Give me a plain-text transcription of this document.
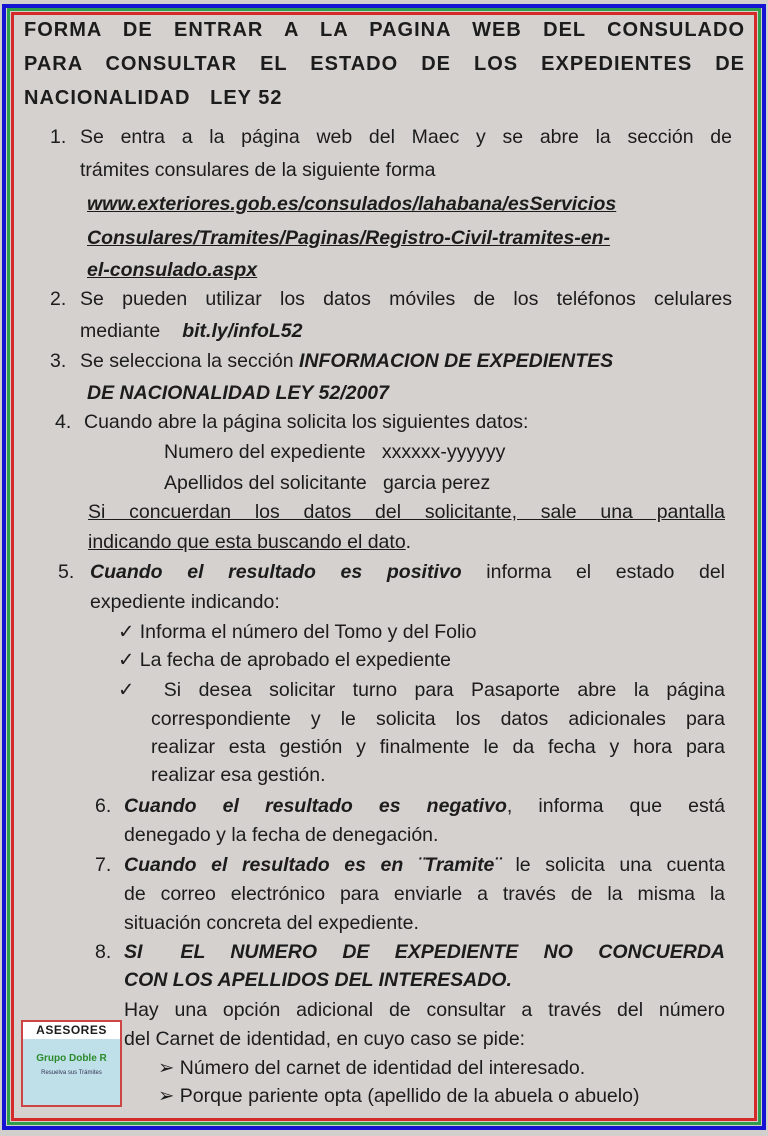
FORMA DE ENTRAR A LA PAGINA WEB DEL CONSULADO
PARA CONSULTAR EL ESTADO DE LOS EXPEDIENTES DE
NACIONALIDAD   LEY 52
1. Se entra a la página web del Maec y se abre la sección de
trámites consulares de la siguiente forma
www.exteriores.gob.es/consulados/lahabana/esServicios
Consulares/Tramites/Paginas/Registro-Civil-tramites-en-
el-consulado.aspx
2. Se pueden utilizar los datos móviles de los teléfonos celulares
mediante bit.ly/infoL52
3. Se selecciona la sección INFORMACION DE EXPEDIENTES
DE NACIONALIDAD LEY 52/2007
4. Cuando abre la página solicita los siguientes datos:
Numero del expediente   xxxxxx-yyyyyy
Apellidos del solicitante   garcia perez
Si  concuerdan  los  datos  del  solicitante,  sale  una  pantalla
indicando que esta buscando el dato.
5. Cuando el resultado es positivo informa el estado del
expediente indicando:
✓ Informa el número del Tomo y del Folio
✓ La fecha de aprobado el expediente
✓ Si desea solicitar turno para Pasaporte abre la página
correspondiente y le solicita los datos adicionales para
realizar esta gestión y finalmente le da fecha y hora para
realizar esa gestión.
6. Cuando el resultado es negativo, informa que está
denegado y la fecha de denegación.
7. Cuando el resultado es en ¨Tramite¨ le solicita una cuenta
de correo electrónico para enviarle a través de la misma la
situación concreta del expediente.
8. SI   EL  NUMERO  DE  EXPEDIENTE  NO  CONCUERDA
CON LOS APELLIDOS DEL INTERESADO.
Hay una opción adicional de consultar a través del número
del Carnet de identidad, en cuyo caso se pide:
➢ Número del carnet de identidad del interesado.
➢ Porque pariente opta (apellido de la abuela o abuelo)
ASESORES
Grupo Doble R
Resuelva sus Trámites
